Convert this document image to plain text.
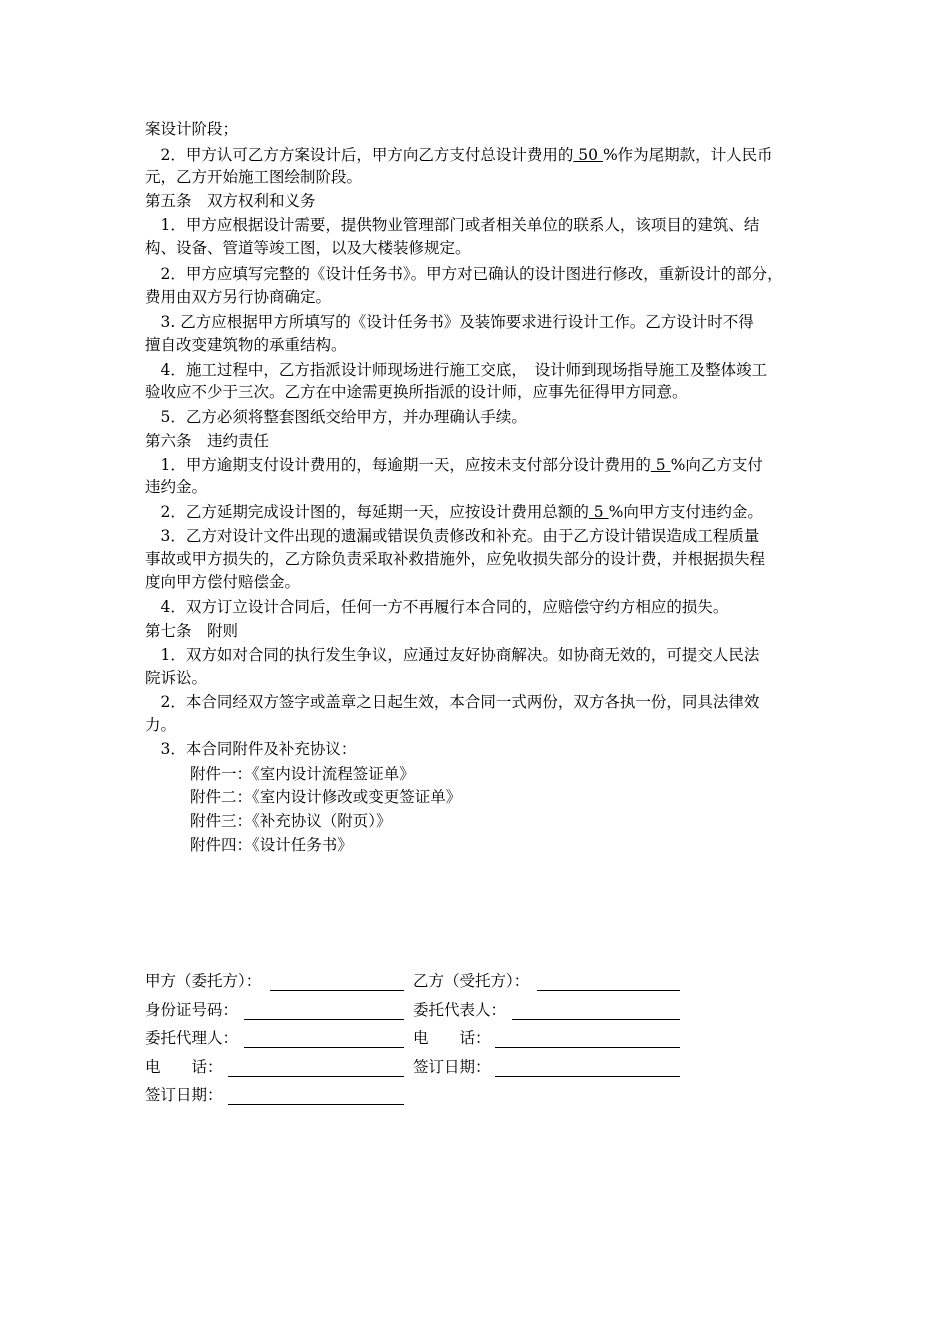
案设计阶段；
　2．甲方认可乙方方案设计后，甲方向乙方支付总设计费用的 50 %作为尾期款，计人民币
元，乙方开始施工图绘制阶段。
第五条　双方权利和义务
　1．甲方应根据设计需要，提供物业管理部门或者相关单位的联系人，该项目的建筑、结
构、设备、管道等竣工图，以及大楼装修规定。
　2．甲方应填写完整的《设计任务书》。甲方对已确认的设计图进行修改，重新设计的部分，
费用由双方另行协商确定。
　3. 乙方应根据甲方所填写的《设计任务书》及装饰要求进行设计工作。乙方设计时不得
擅自改变建筑物的承重结构。
　4．施工过程中，乙方指派设计师现场进行施工交底，　设计师到现场指导施工及整体竣工
验收应不少于三次。乙方在中途需更换所指派的设计师，应事先征得甲方同意。
　5．乙方必须将整套图纸交给甲方，并办理确认手续。
第六条　违约责任
　1．甲方逾期支付设计费用的，每逾期一天，应按未支付部分设计费用的 5 %向乙方支付
违约金。
　2．乙方延期完成设计图的，每延期一天，应按设计费用总额的 5 %向甲方支付违约金。
　3．乙方对设计文件出现的遗漏或错误负责修改和补充。由于乙方设计错误造成工程质量
事故或甲方损失的，乙方除负责采取补救措施外，应免收损失部分的设计费，并根据损失程
度向甲方偿付赔偿金。
　4．双方订立设计合同后，任何一方不再履行本合同的，应赔偿守约方相应的损失。
第七条　附则
　1．双方如对合同的执行发生争议，应通过友好协商解决。如协商无效的，可提交人民法
院诉讼。
　2．本合同经双方签字或盖章之日起生效，本合同一式两份，双方各执一份，同具法律效
力。
　3．本合同附件及补充协议：
附件一：《室内设计流程签证单》
附件二：《室内设计修改或变更签证单》
附件三：《补充协议（附页）》
附件四：《设计任务书》
甲方（委托方）：	乙方（受托方）：
身份证号码：	委托代表人：
委托代理人：	电　　话：
电　　话：	签订日期：
签订日期：
